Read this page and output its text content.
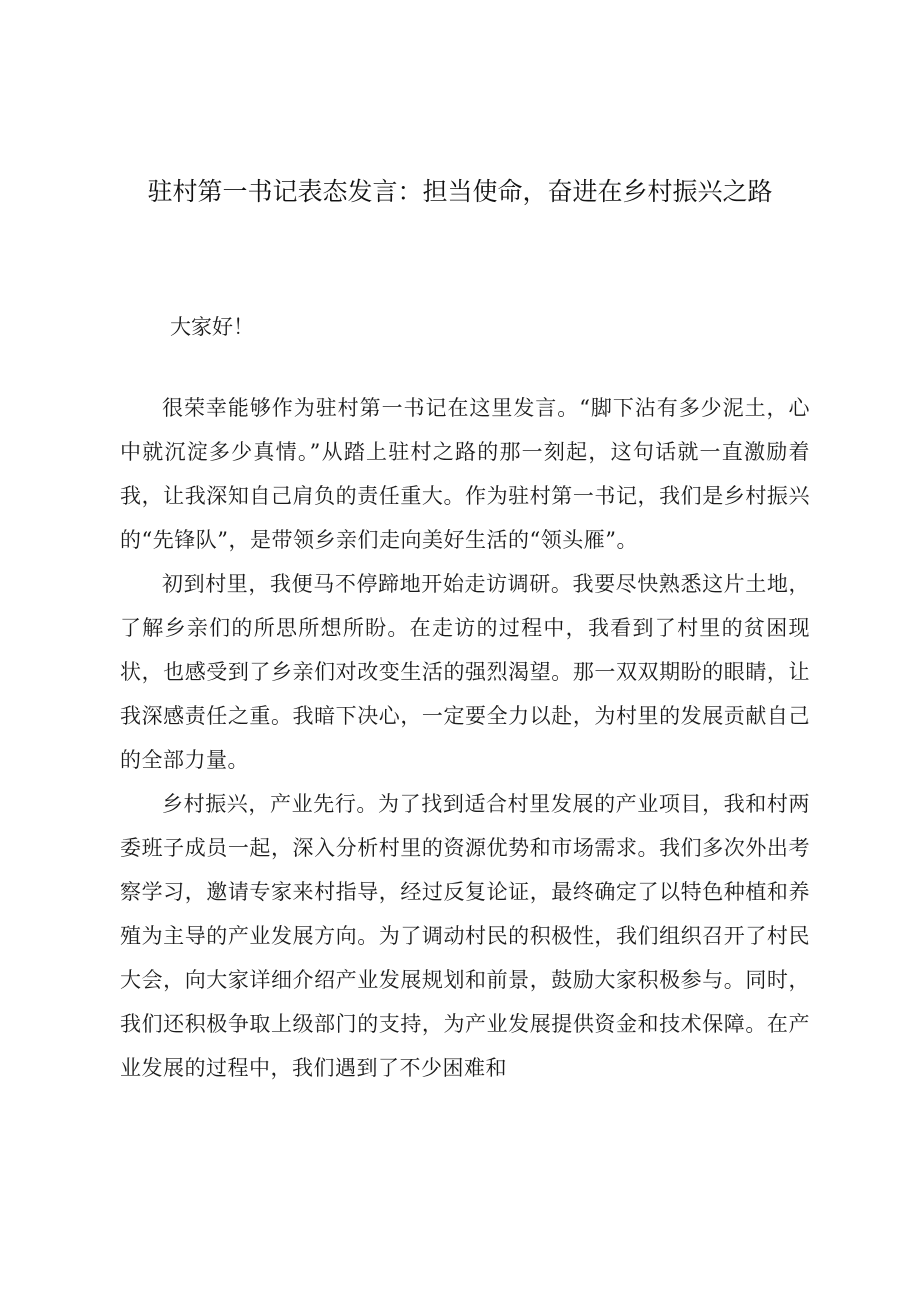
驻村第一书记表态发言：担当使命，奋进在乡村振兴之路

大家好！

很荣幸能够作为驻村第一书记在这里发言。“脚下沾有多少泥土，心中就沉淀多少真情。”从踏上驻村之路的那一刻起，这句话就一直激励着我，让我深知自己肩负的责任重大。作为驻村第一书记，我们是乡村振兴的“先锋队”，是带领乡亲们走向美好生活的“领头雁”。

初到村里，我便马不停蹄地开始走访调研。我要尽快熟悉这片土地，了解乡亲们的所思所想所盼。在走访的过程中，我看到了村里的贫困现状，也感受到了乡亲们对改变生活的强烈渴望。那一双双期盼的眼睛，让我深感责任之重。我暗下决心，一定要全力以赴，为村里的发展贡献自己的全部力量。

乡村振兴，产业先行。为了找到适合村里发展的产业项目，我和村两委班子成员一起，深入分析村里的资源优势和市场需求。我们多次外出考察学习，邀请专家来村指导，经过反复论证，最终确定了以特色种植和养殖为主导的产业发展方向。为了调动村民的积极性，我们组织召开了村民大会，向大家详细介绍产业发展规划和前景，鼓励大家积极参与。同时，我们还积极争取上级部门的支持，为产业发展提供资金和技术保障。在产业发展的过程中，我们遇到了不少困难和
